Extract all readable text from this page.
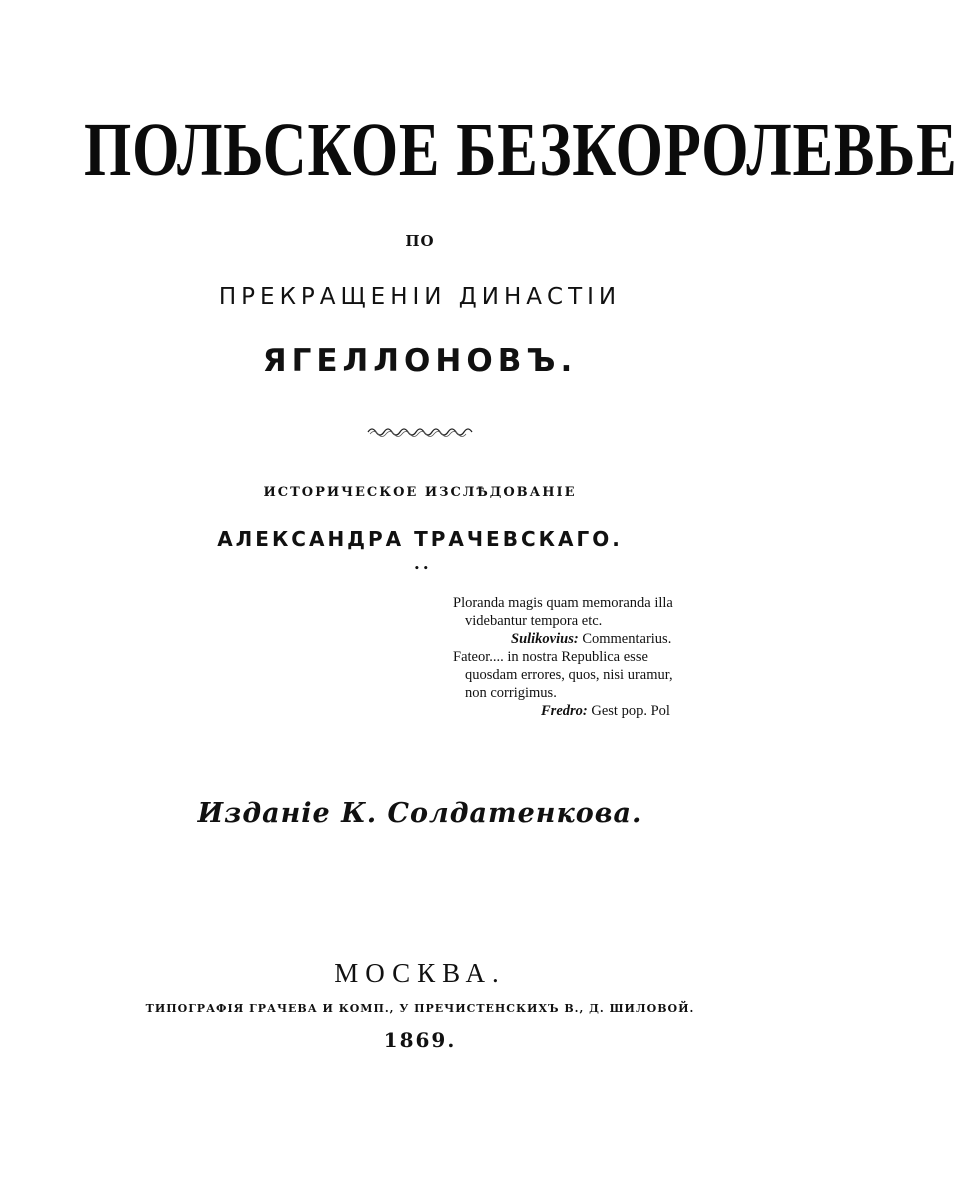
ПОЛЬСКОЕ БЕЗКОРОЛЕВЬЕ
ПО
ПРЕКРАЩЕНІИ ДИНАСТІИ
ЯГЕЛЛОНОВЪ.
ИСТОРИЧЕСКОЕ ИЗСЛѢДОВАНІЕ
АЛЕКСАНДРА ТРАЧЕВСКАГО.
• •
Ploranda magis quam memoranda illa
videbantur tempora etc.
Sulikovius: Commentarius.
Fateor.... in nostra Republica esse
quosdam errores, quos, nisi uramur,
non corrigimus.
Fredro: Gest pop. Pol
Изданіе К. Солдатенкова.
МОСКВА.
ТИПОГРАФІЯ ГРАЧЕВА И КОМП., У ПРЕЧИСТЕНСКИХЪ В., Д. ШИЛОВОЙ.
1869.
